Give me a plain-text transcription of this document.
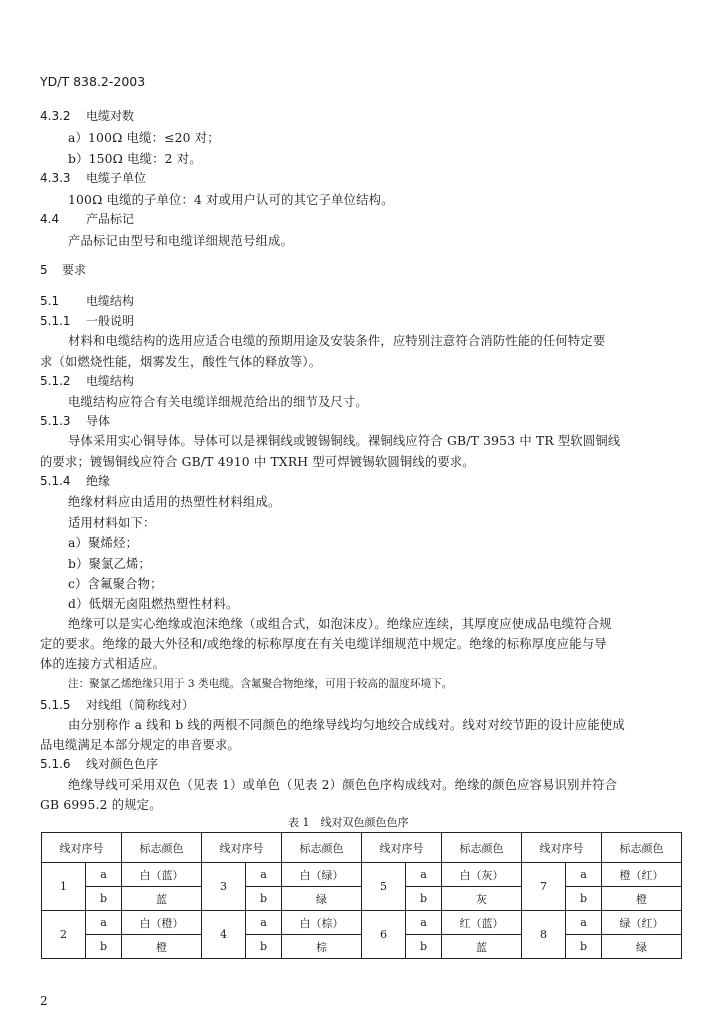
YD/T 838.2-2003
4.3.2 电缆对数
a）100Ω 电缆：≤20 对；
b）150Ω 电缆：2 对。
4.3.3 电缆子单位
100Ω 电缆的子单位：4 对或用户认可的其它子单位结构。
4.4 产品标记
产品标记由型号和电缆详细规范号组成。
5 要求
5.1 电缆结构
5.1.1 一般说明
材料和电缆结构的选用应适合电缆的预期用途及安装条件，应特别注意符合消防性能的任何特定要
求（如燃烧性能，烟雾发生，酸性气体的释放等）。
5.1.2 电缆结构
电缆结构应符合有关电缆详细规范给出的细节及尺寸。
5.1.3 导体
导体采用实心铜导体。导体可以是裸铜线或镀锡铜线。裸铜线应符合 GB/T 3953 中 TR 型软圆铜线
的要求；镀锡铜线应符合 GB/T 4910 中 TXRH 型可焊镀锡软圆铜线的要求。
5.1.4 绝缘
绝缘材料应由适用的热塑性材料组成。
适用材料如下：
a）聚烯烃；
b）聚氯乙烯；
c）含氟聚合物；
d）低烟无卤阻燃热塑性材料。
绝缘可以是实心绝缘或泡沫绝缘（或组合式，如泡沫皮）。绝缘应连续，其厚度应使成品电缆符合规
定的要求。绝缘的最大外径和/或绝缘的标称厚度在有关电缆详细规范中规定。绝缘的标称厚度应能与导
体的连接方式相适应。
注：聚氯乙烯绝缘只用于 3 类电缆。含氟聚合物绝缘，可用于较高的温度环境下。
5.1.5 对线组（简称线对）
由分别称作 a 线和 b 线的两根不同颜色的绝缘导线均匀地绞合成线对。线对对绞节距的设计应能使成
品电缆满足本部分规定的串音要求。
5.1.6 线对颜色色序
绝缘导线可采用双色（见表 1）或单色（见表 2）颜色色序构成线对。绝缘的颜色应容易识别并符合
GB 6995.2 的规定。
表 1　线对双色颜色色序
线对序号		标志颜色	线对序号		标志颜色	线对序号		标志颜色	线对序号		标志颜色
1	a	白（蓝）	3	a	白（绿）	5	a	白（灰）	7	a	橙（红）
	b	蓝		b	绿		b	灰		b	橙
2	a	白（橙）	4	a	白（棕）	6	a	红（蓝）	8	a	绿（红）
	b	橙		b	棕		b	蓝		b	绿
2
